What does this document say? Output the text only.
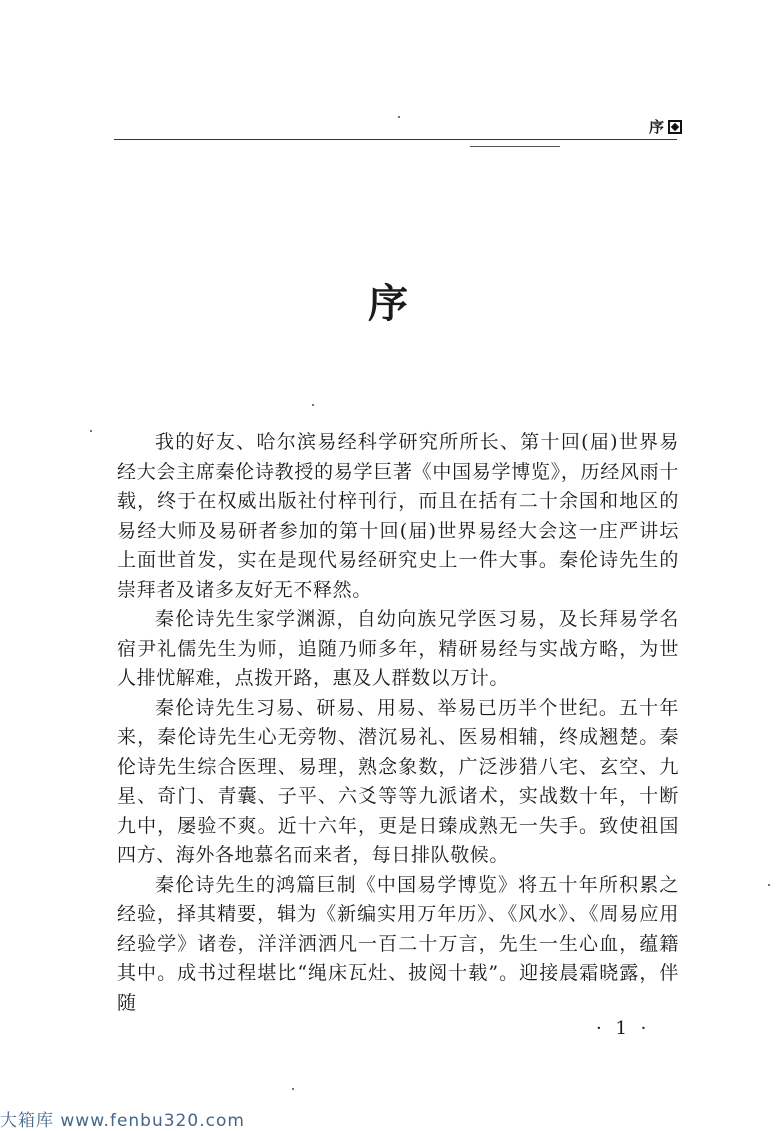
序
序

我的好友、哈尔滨易经科学研究所所长、第十回(届)世界易经大会主席秦伦诗教授的易学巨著《中国易学博览》，历经风雨十载，终于在权威出版社付梓刊行，而且在括有二十余国和地区的易经大师及易研者参加的第十回(届)世界易经大会这一庄严讲坛上面世首发，实在是现代易经研究史上一件大事。秦伦诗先生的崇拜者及诸多友好无不释然。

秦伦诗先生家学渊源，自幼向族兄学医习易，及长拜易学名宿尹礼儒先生为师，追随乃师多年，精研易经与实战方略，为世人排忧解难，点拨开路，惠及人群数以万计。

秦伦诗先生习易、研易、用易、举易已历半个世纪。五十年来，秦伦诗先生心无旁物、潜沉易礼、医易相辅，终成翘楚。秦伦诗先生综合医理、易理，熟念象数，广泛涉猎八宅、玄空、九星、奇门、青囊、子平、六爻等等九派诸术，实战数十年，十断九中，屡验不爽。近十六年，更是日臻成熟无一失手。致使祖国四方、海外各地慕名而来者，每日排队敬候。

秦伦诗先生的鸿篇巨制《中国易学博览》将五十年所积累之经验，择其精要，辑为《新编实用万年历》、《风水》、《周易应用经验学》诸卷，洋洋洒洒凡一百二十万言，先生一生心血，蕴籍其中。成书过程堪比“绳床瓦灶、披阅十载”。迎接晨霜晓露，伴随

· 1 ·
大箱库 www.fenbu320.com
